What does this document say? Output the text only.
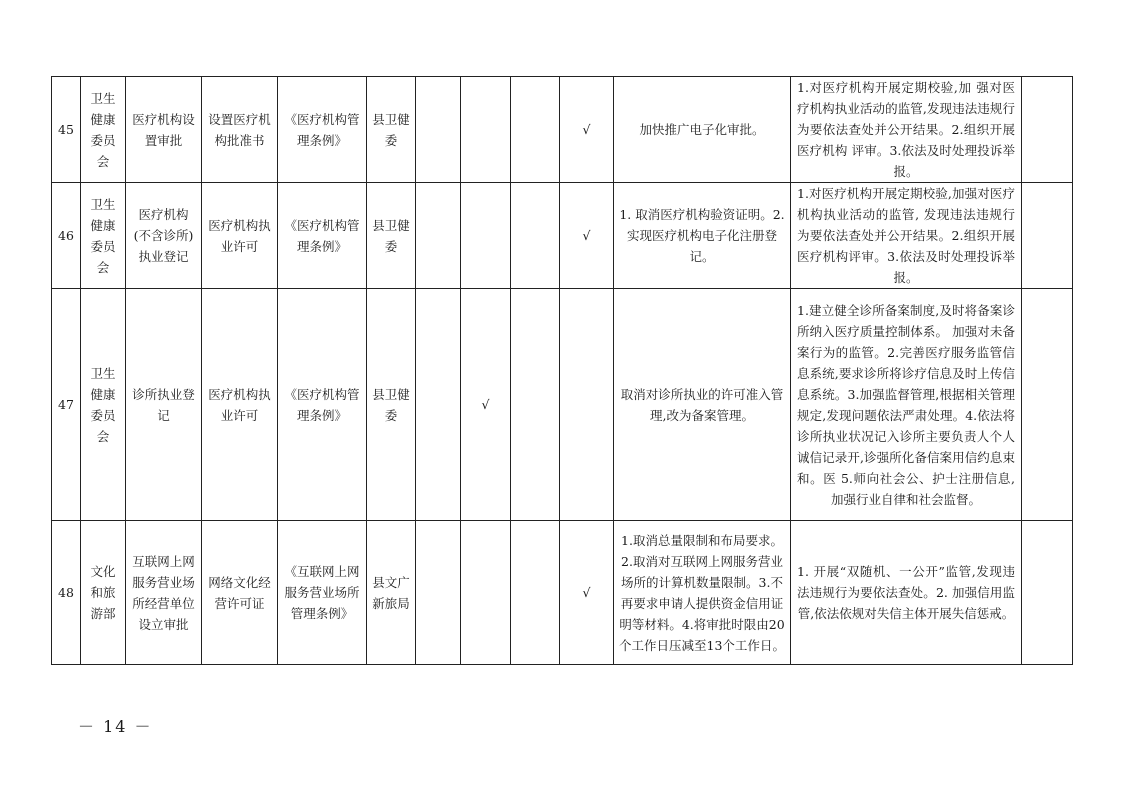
45	卫生健康委员会	医疗机构设置审批	设置医疗机构批准书	《医疗机构管理条例》	县卫健委				√	加快推广电子化审批。	1.对医疗机构开展定期校验,加 强对医疗机构执业活动的监管,发现违法违规行为要依法查处并公开结果。2.组织开展医疗机构 评审。3.依法及时处理投诉举报。	
46	卫生健康委员会	医疗机构(不含诊所)执业登记	医疗机构执业许可	《医疗机构管理条例》	县卫健委				√	1. 取消医疗机构验资证明。2.实现医疗机构电子化注册登记。	1.对医疗机构开展定期校验,加强对医疗机构执业活动的监管, 发现违法违规行为要依法查处并公开结果。2.组织开展医疗机构评审。3.依法及时处理投诉举报。	
47	卫生健康委员会	诊所执业登记	医疗机构执业许可	《医疗机构管理条例》	县卫健委		√			取消对诊所执业的许可准入管理,改为备案管理。	1.建立健全诊所备案制度,及时将备案诊所纳入医疗质量控制体系。 加强对未备案行为的监管。2.完善医疗服务监管信息系统,要求诊所将诊疗信息及时上传信息系统。3.加强监督管理,根据相关管理规定,发现问题依法严肃处理。4.依法将诊所执业状况记入诊所主要负责人个人诚信记录开,诊强所化备信案用信约息束和。医 5.师向社会公、护士注册信息,加强行业自律和社会监督。	
48	文化和旅游部	互联网上网服务营业场所经营单位设立审批	网络文化经营许可证	《互联网上网服务营业场所管理条例》	县文广新旅局				√	1.取消总量限制和布局要求。2.取消对互联网上网服务营业场所的计算机数量限制。3.不再要求申请人提供资金信用证明等材料。4.将审批时限由20个工作日压减至13个工作日。	1. 开展“双随机、一公开”监管,发现违法违规行为要依法查处。2. 加强信用监管,依法依规对失信主体开展失信惩戒。	
－ 14 －
